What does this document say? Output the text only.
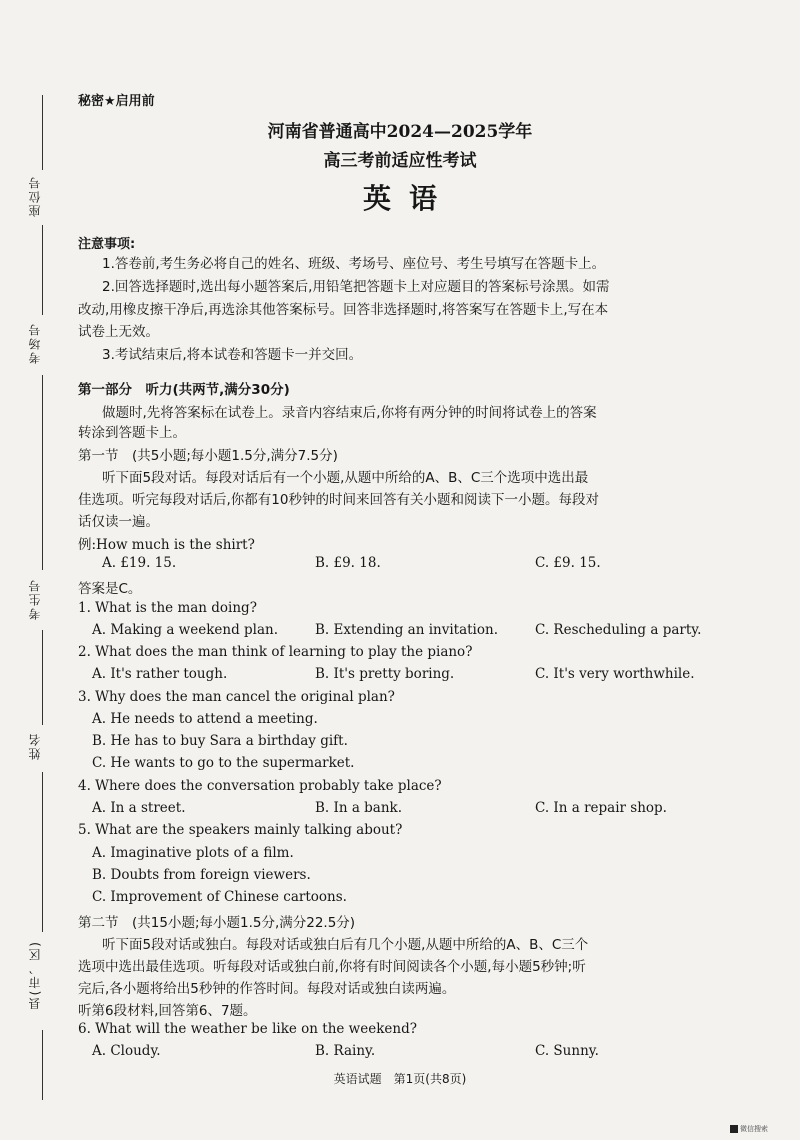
座位号
考场号
考生号
姓名
县(市、区)
秘密★启用前
河南省普通高中2024—2025学年
高三考前适应性考试
英语
注意事项:
1.答卷前,考生务必将自己的姓名、班级、考场号、座位号、考生号填写在答题卡上。
2.回答选择题时,选出每小题答案后,用铅笔把答题卡上对应题目的答案标号涂黑。如需
改动,用橡皮擦干净后,再选涂其他答案标号。回答非选择题时,将答案写在答题卡上,写在本
试卷上无效。
3.考试结束后,将本试卷和答题卡一并交回。
第一部分　听力(共两节,满分30分)
做题时,先将答案标在试卷上。录音内容结束后,你将有两分钟的时间将试卷上的答案
转涂到答题卡上。
第一节　(共5小题;每小题1.5分,满分7.5分)
听下面5段对话。每段对话后有一个小题,从题中所给的A、B、C三个选项中选出最
佳选项。听完每段对话后,你都有10秒钟的时间来回答有关小题和阅读下一小题。每段对
话仅读一遍。
例:How much is the shirt?
A. £19. 15.	B. £9. 18.	C. £9. 15.
答案是C。
1. What is the man doing?
A. Making a weekend plan.	B. Extending an invitation.	C. Rescheduling a party.
2. What does the man think of learning to play the piano?
A. It's rather tough.	B. It's pretty boring.	C. It's very worthwhile.
3. Why does the man cancel the original plan?
A. He needs to attend a meeting.
B. He has to buy Sara a birthday gift.
C. He wants to go to the supermarket.
4. Where does the conversation probably take place?
A. In a street.	B. In a bank.	C. In a repair shop.
5. What are the speakers mainly talking about?
A. Imaginative plots of a film.
B. Doubts from foreign viewers.
C. Improvement of Chinese cartoons.
第二节　(共15小题;每小题1.5分,满分22.5分)
听下面5段对话或独白。每段对话或独白后有几个小题,从题中所给的A、B、C三个
选项中选出最佳选项。听每段对话或独白前,你将有时间阅读各个小题,每小题5秒钟;听
完后,各小题将给出5秒钟的作答时间。每段对话或独白读两遍。
听第6段材料,回答第6、7题。
6. What will the weather be like on the weekend?
A. Cloudy.	B. Rainy.	C. Sunny.
英语试题　第1页(共8页)
微信搜索
